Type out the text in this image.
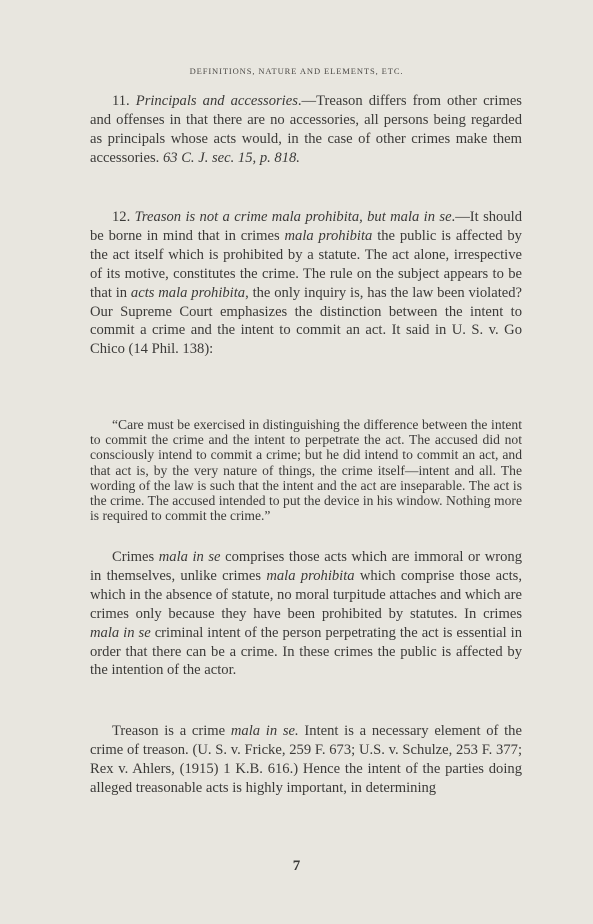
DEFINITIONS, NATURE AND ELEMENTS, ETC.

11. Principals and accessories.—Treason differs from other crimes and offenses in that there are no accessories, all persons being regarded as principals whose acts would, in the case of other crimes make them accessories. 63 C. J. sec. 15, p. 818.

12. Treason is not a crime mala prohibita, but mala in se.—It should be borne in mind that in crimes mala prohibita the public is affected by the act itself which is prohibited by a statute. The act alone, irrespective of its motive, constitutes the crime. The rule on the subject appears to be that in acts mala prohibita, the only inquiry is, has the law been violated? Our Supreme Court emphasizes the distinction between the intent to commit a crime and the intent to commit an act. It said in U. S. v. Go Chico (14 Phil. 138):

“Care must be exercised in distinguishing the difference between the intent to commit the crime and the intent to perpetrate the act. The accused did not consciously intend to commit a crime; but he did intend to commit an act, and that act is, by the very nature of things, the crime itself—intent and all. The wording of the law is such that the intent and the act are inseparable. The act is the crime. The accused intended to put the device in his window. Nothing more is required to commit the crime.”

Crimes mala in se comprises those acts which are immoral or wrong in themselves, unlike crimes mala prohibita which comprise those acts, which in the absence of statute, no moral turpitude attaches and which are crimes only because they have been prohibited by statutes. In crimes mala in se criminal intent of the person perpetrating the act is essential in order that there can be a crime. In these crimes the public is affected by the intention of the actor.

Treason is a crime mala in se. Intent is a necessary element of the crime of treason. (U. S. v. Fricke, 259 F. 673; U.S. v. Schulze, 253 F. 377; Rex v. Ahlers, (1915) 1 K.B. 616.) Hence the intent of the parties doing alleged treasonable acts is highly important, in determining

7
